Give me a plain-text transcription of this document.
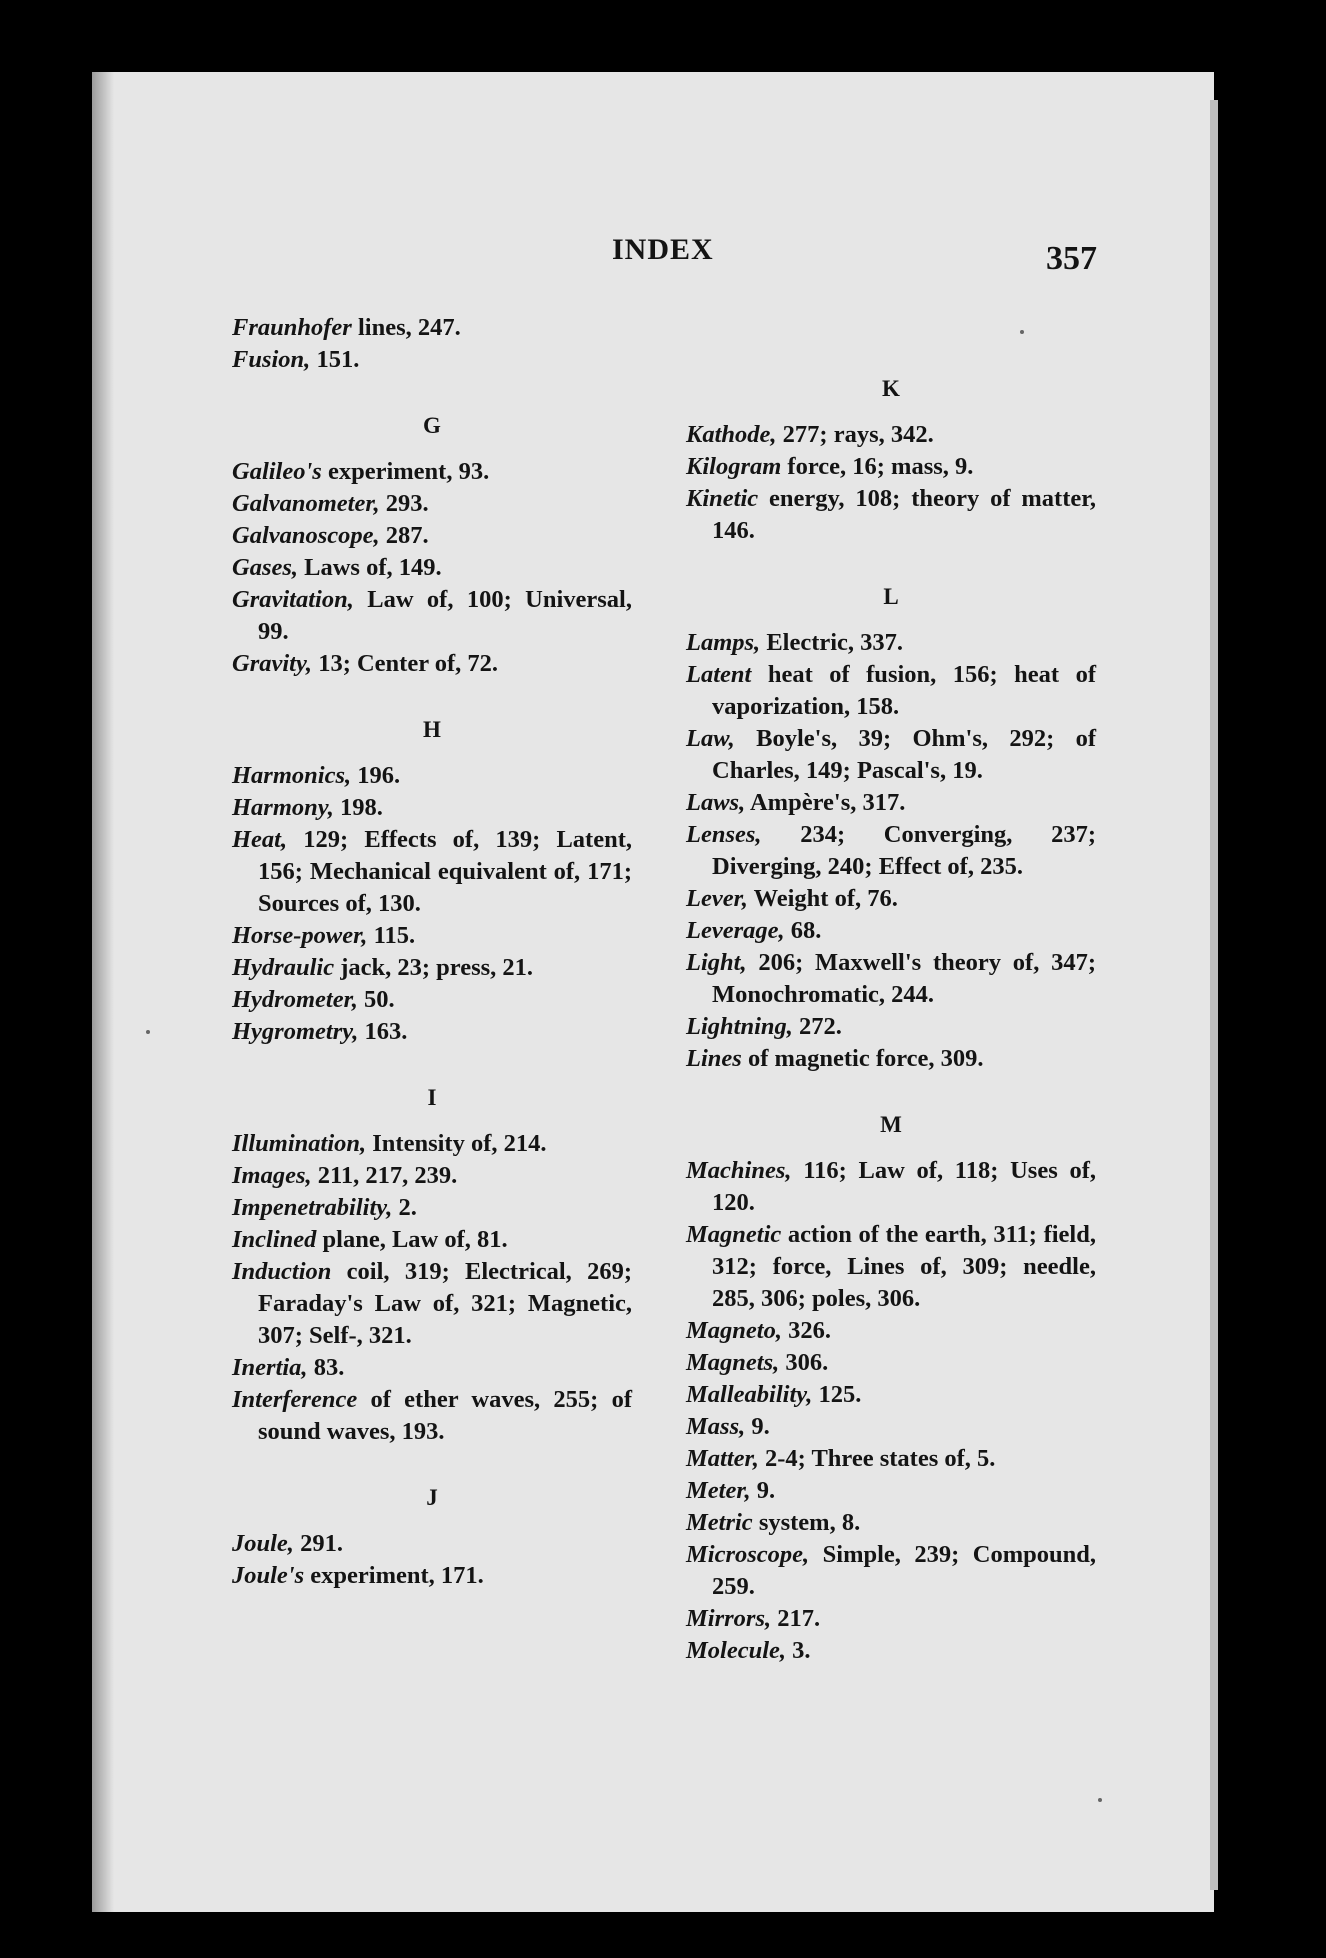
INDEX	357

Fraunhofer lines, 247.

Fusion, 151.

G

Galileo's experiment, 93.

Galvanometer, 293.

Galvanoscope, 287.

Gases, Laws of, 149.

Gravitation, Law of, 100; Universal, 99.

Gravity, 13; Center of, 72.

H

Harmonics, 196.

Harmony, 198.

Heat, 129; Effects of, 139; Latent, 156; Mechanical equivalent of, 171; Sources of, 130.

Horse-power, 115.

Hydraulic jack, 23; press, 21.

Hydrometer, 50.

Hygrometry, 163.

I

Illumination, Intensity of, 214.

Images, 211, 217, 239.

Impenetrability, 2.

Inclined plane, Law of, 81.

Induction coil, 319; Electrical, 269; Faraday's Law of, 321; Magnetic, 307; Self-, 321.

Inertia, 83.

Interference of ether waves, 255; of sound waves, 193.

J

Joule, 291.

Joule's experiment, 171.

K

Kathode, 277; rays, 342.

Kilogram force, 16; mass, 9.

Kinetic energy, 108; theory of matter, 146.

L

Lamps, Electric, 337.

Latent heat of fusion, 156; heat of vaporization, 158.

Law, Boyle's, 39; Ohm's, 292; of Charles, 149; Pascal's, 19.

Laws, Ampère's, 317.

Lenses, 234; Converging, 237; Diverging, 240; Effect of, 235.

Lever, Weight of, 76.

Leverage, 68.

Light, 206; Maxwell's theory of, 347; Monochromatic, 244.

Lightning, 272.

Lines of magnetic force, 309.

M

Machines, 116; Law of, 118; Uses of, 120.

Magnetic action of the earth, 311; field, 312; force, Lines of, 309; needle, 285, 306; poles, 306.

Magneto, 326.

Magnets, 306.

Malleability, 125.

Mass, 9.

Matter, 2-4; Three states of, 5.

Meter, 9.

Metric system, 8.

Microscope, Simple, 239; Compound, 259.

Mirrors, 217.

Molecule, 3.
